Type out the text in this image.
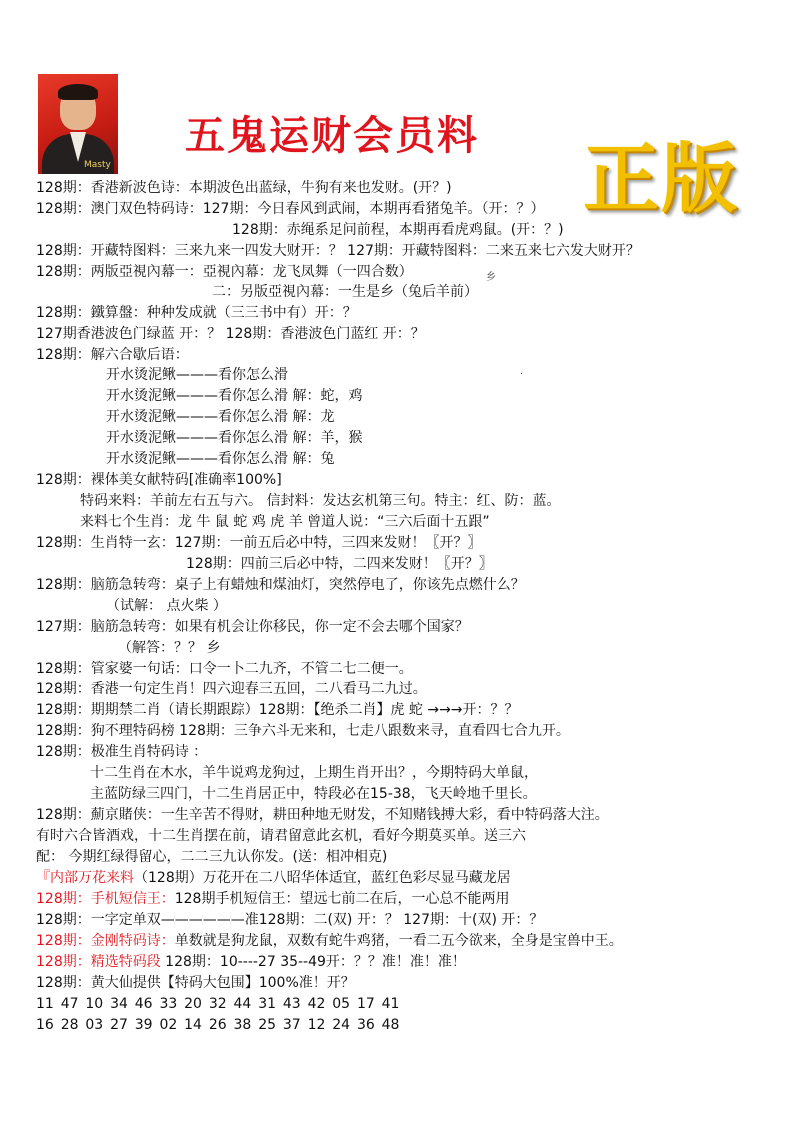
Masty
五鬼运财会员料 正版
128期：香港新波色诗：本期波色出蓝绿，牛狗有来也发财。(开？)
128期：澳门双色特码诗：127期：今日春风到武闹，本期再看猪兔羊。（开：？）
128期：赤绳系足问前程，本期再看虎鸡鼠。(开：？)
128期：开藏特图料：三来九来一四发大财开：？ 127期：开藏特图料：二来五来七六发大财开？
128期：两版亞視內幕一：亞視內幕：龙飞凤舞（一四合数）
二：另版亞視內幕：一生是乡（兔后羊前）
128期：鐵算盤：种种发成就（三三书中有）开：？
127期香港波色门绿蓝 开：？ 128期：香港波色门蓝红 开：？
128期：解六合歇后语：
开水烫泥鳅———看你怎么滑
开水烫泥鳅———看你怎么滑 解：蛇，鸡
开水烫泥鳅———看你怎么滑 解：龙
开水烫泥鳅———看你怎么滑 解：羊，猴
开水烫泥鳅———看你怎么滑 解：兔
128期：裸体美女献特码[准确率100%]
特码来料：羊前左右五与六。 信封料：发达玄机第三句。特主：红、防：蓝。
来料七个生肖：龙 牛 鼠 蛇 鸡 虎 羊 曾道人说：“三六后面十五跟”
128期：生肖特一玄：127期：一前五后必中特，三四来发财！〖开？〗
128期：四前三后必中特，二四来发财！〖开？〗
128期：脑筋急转弯：桌子上有蜡烛和煤油灯，突然停电了，你该先点燃什么？
（试解： 点火柴 ）
127期：脑筋急转弯：如果有机会让你移民，你一定不会去哪个国家？
（解答：？？ 乡
128期：管家婆一句话：口令一卜二九齐，不管二七二便一。
128期：香港一句定生肖！四六迎春三五回，二八看马二九过。
128期：期期禁二肖（请长期跟踪）128期：【绝杀二肖】虎 蛇 →→→开：？？
128期：狗不理特码榜 128期：三争六斗无来和，七走八跟数来寻，直看四七合九开。
128期：极准生肖特码诗 ：
十二生肖在木水，羊牛说鸡龙狗过，上期生肖开出？，今期特码大单鼠，
主蓝防绿三四门，十二生肖居正中，特段必在15-38，飞天岭地千里长。
128期：薊京賭侠：一生辛苦不得财，耕田种地无财发，不知赌钱搏大彩，看中特码落大注。
有时六合皆酒戏，十二生肖摆在前，请君留意此玄机，看好今期莫买单。送三六
配： 今期红绿得留心，二二三九认你发。(送：相冲相克)
『内部万花来料（128期）万花开在二八昭华体适宜，蓝红色彩尽显马藏龙居
128期：手机短信王：128期手机短信王：望远七前二在后，一心总不能两用
128期：一字定单双——————准128期：二(双) 开：？ 127期：十(双) 开：？
128期：金刚特码诗：单数就是狗龙鼠，双数有蛇牛鸡猪，一看二五今欲来，全身是宝兽中王。
128期：精选特码段 128期：10----27 35--49开：？？准！准！准！
128期：黄大仙提供【特码大包围】100%准！开？
11 47 10 34 46 33 20 32 44 31 43 42 05 17 41
16 28 03 27 39 02 14 26 38 25 37 12 24 36 48
乡
.
